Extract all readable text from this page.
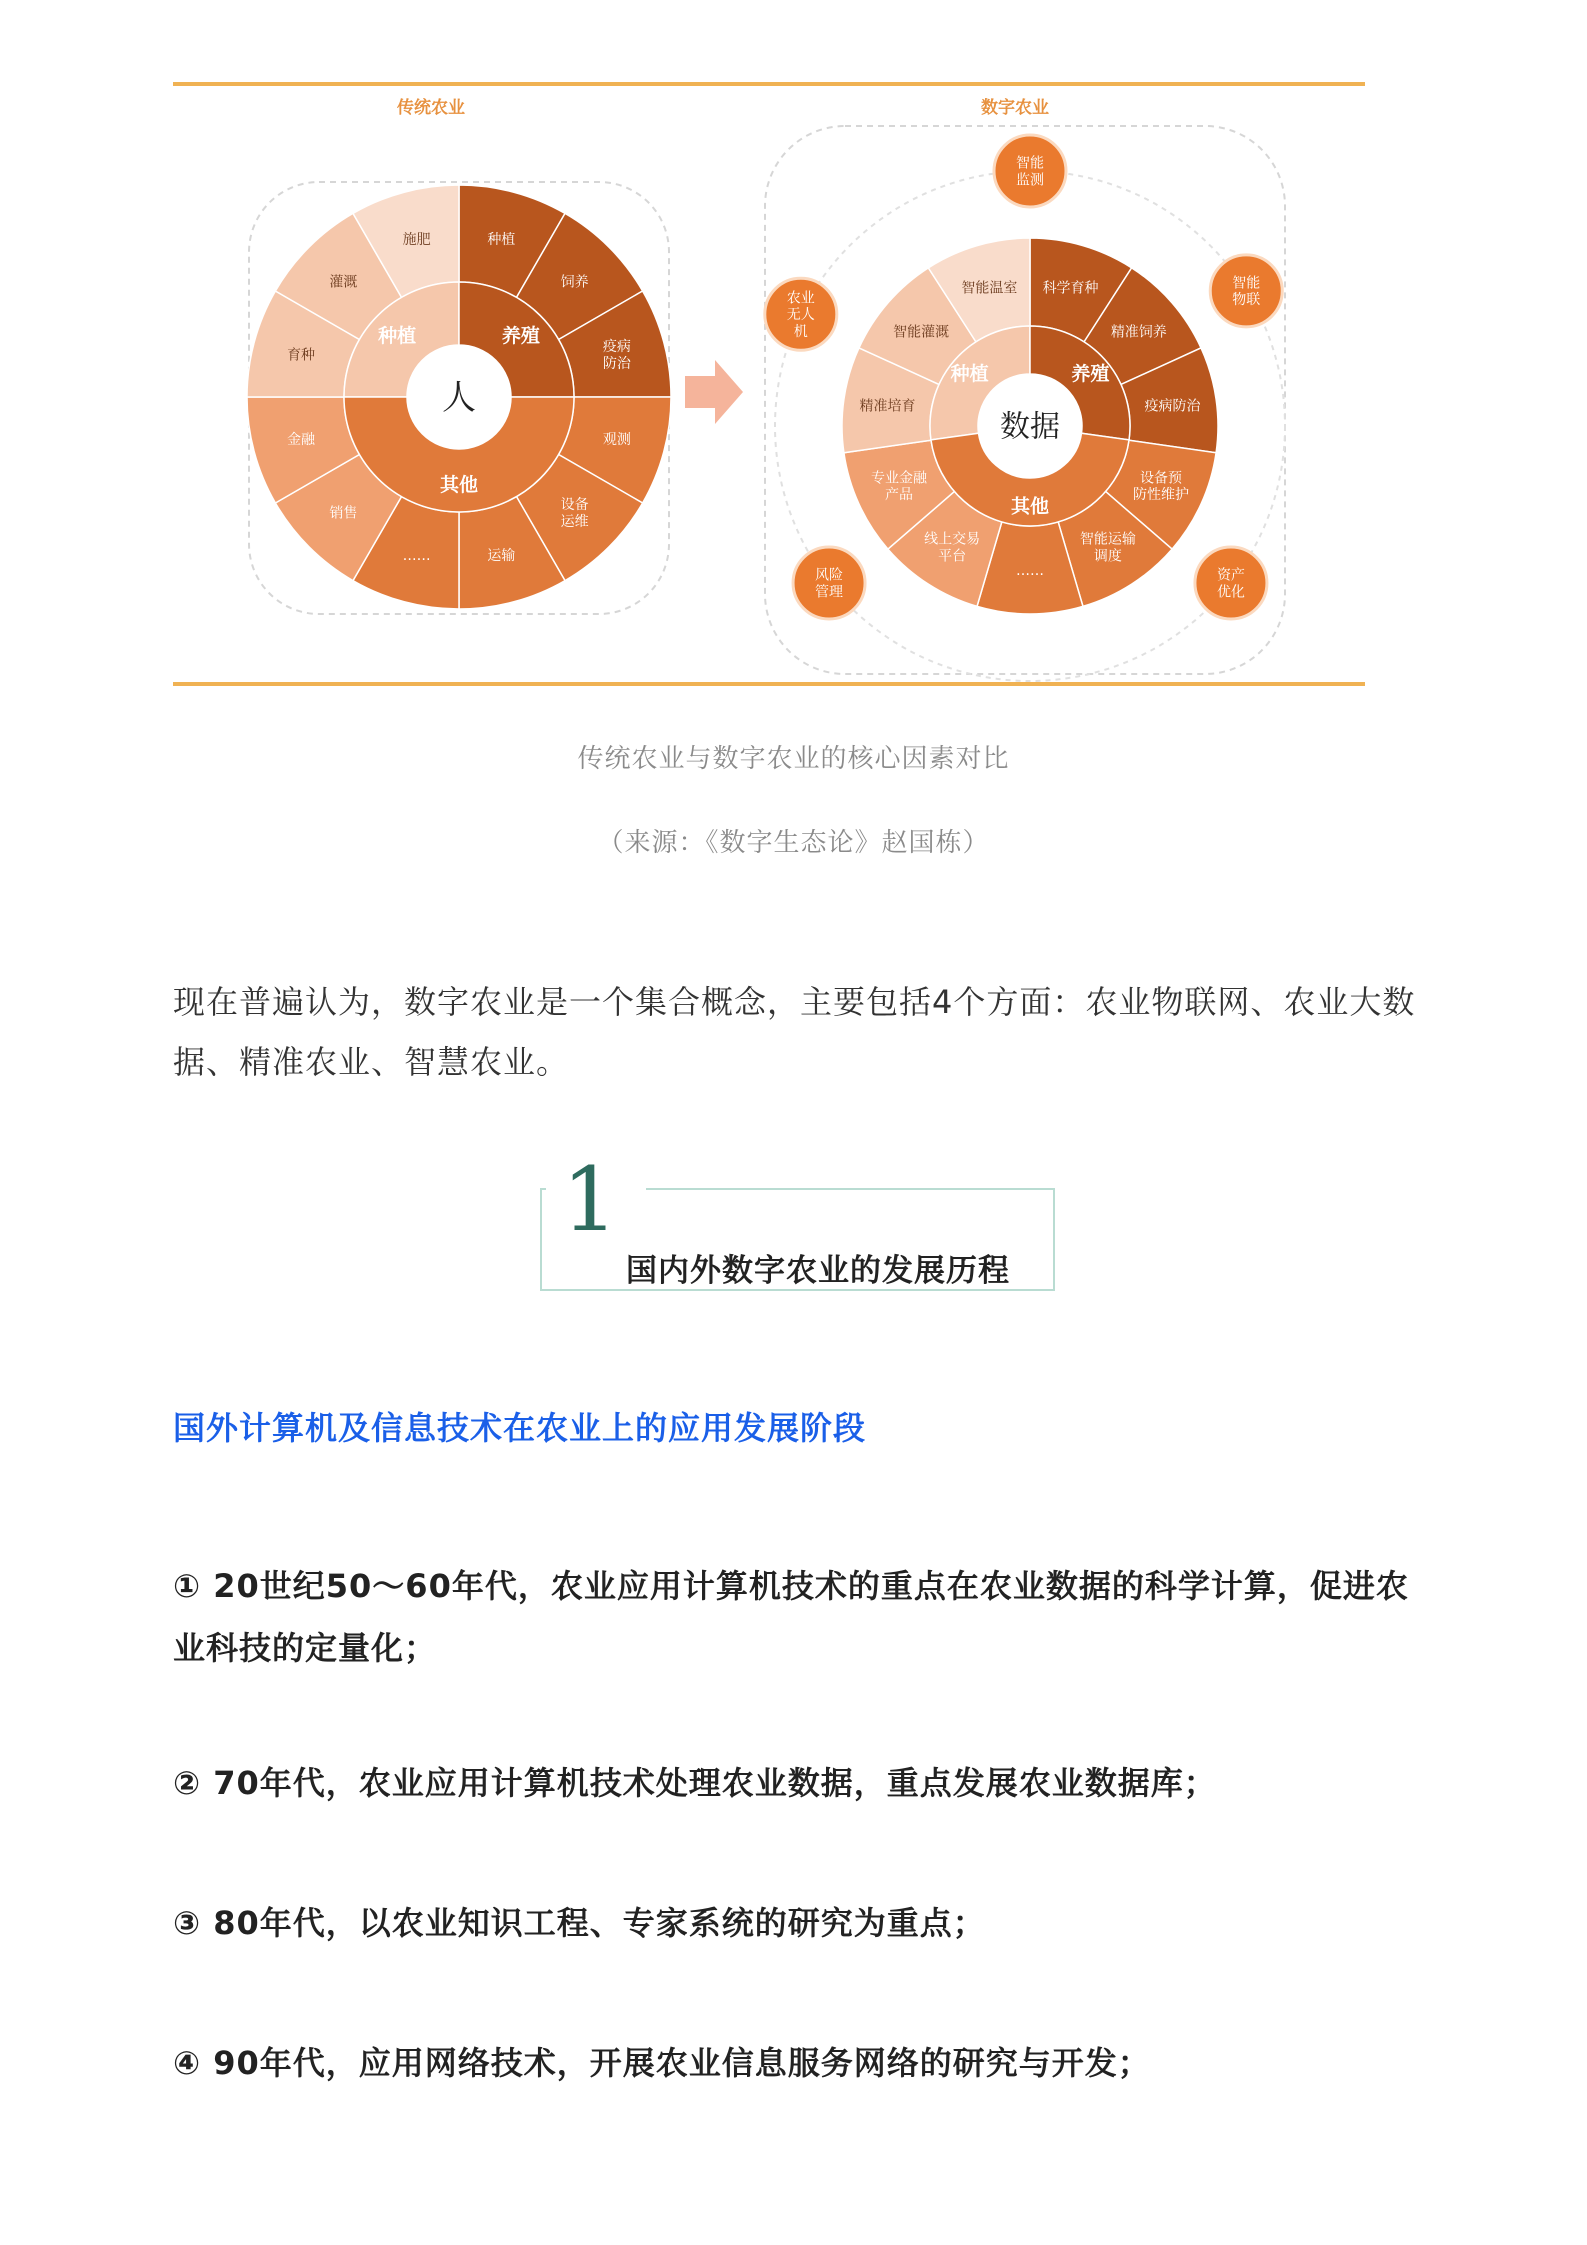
传统农业	数字农业
种植
饲养
疫病防治
观测
设备运维
运输
……
销售
金融
育种
灌溉
施肥
种植	养殖
其他
人
科学育种
精准饲养
疫病防治
设备预防性维护
智能运输调度
……
线上交易平台
专业金融产品
精准培育
智能灌溉
智能温室
种植	养殖
其他
数据
智能监测
智能物联
资产优化
风险管理
农业无人机
传统农业与数字农业的核心因素对比
（来源：《数字生态论》赵国栋）
现在普遍认为，数字农业是一个集合概念，主要包括4个方面：农业物联网、农业大数据、精准农业、智慧农业。
1
国内外数字农业的发展历程
国外计算机及信息技术在农业上的应用发展阶段
① 20世纪50～60年代，农业应用计算机技术的重点在农业数据的科学计算，促进农业科技的定量化；
② 70年代，农业应用计算机技术处理农业数据，重点发展农业数据库；
③ 80年代，以农业知识工程、专家系统的研究为重点；
④ 90年代，应用网络技术，开展农业信息服务网络的研究与开发；
